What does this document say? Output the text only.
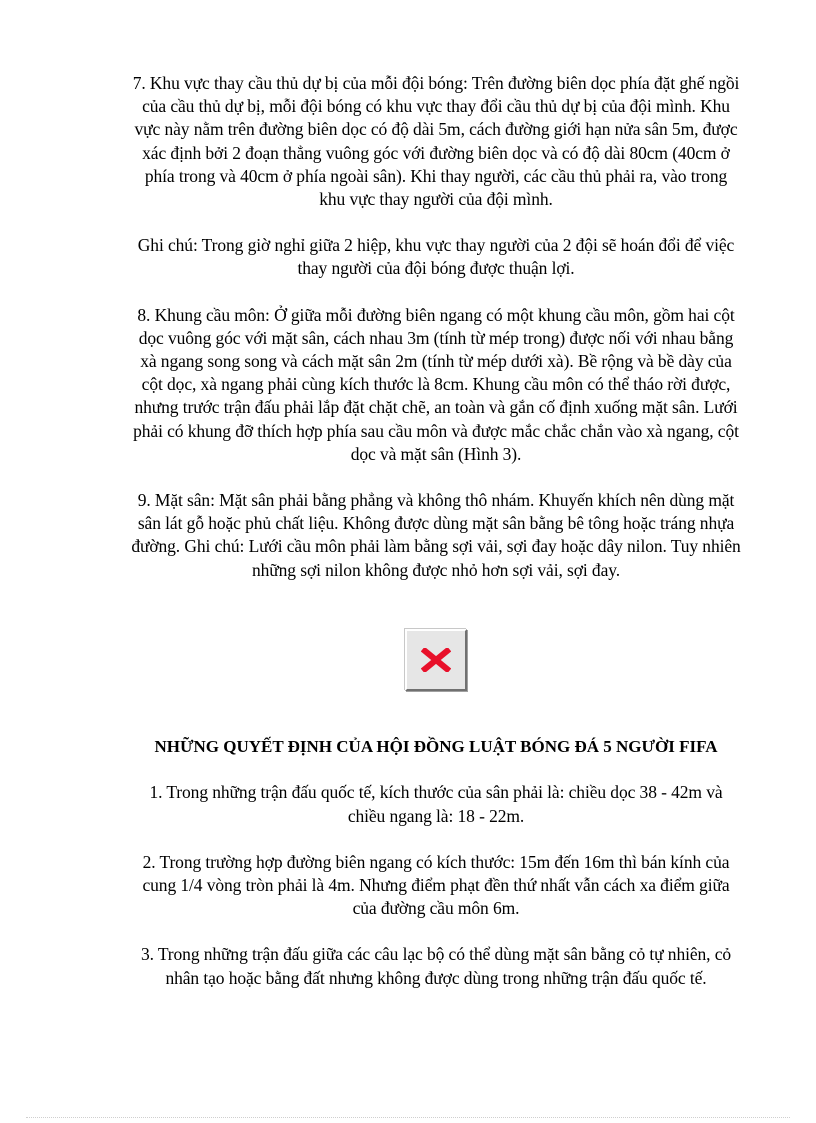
7. Khu vực thay cầu thủ dự bị của mỗi đội bóng: Trên đường biên dọc phía đặt ghế ngồi của cầu thủ dự bị, mỗi đội bóng có khu vực thay đổi cầu thủ dự bị của đội mình. Khu vực này nằm trên đường biên dọc có độ dài 5m, cách đường giới hạn nửa sân 5m, được xác định bởi 2 đoạn thẳng vuông góc với đường biên dọc và có độ dài 80cm (40cm ở phía trong và 40cm ở phía ngoài sân). Khi thay người, các cầu thủ phải ra, vào trong khu vực thay người của đội mình.

Ghi chú: Trong giờ nghỉ giữa 2 hiệp, khu vực thay người của 2 đội sẽ hoán đổi để việc thay người của đội bóng được thuận lợi.

8. Khung cầu môn: Ở giữa mỗi đường biên ngang có một khung cầu môn, gồm hai cột dọc vuông góc với mặt sân, cách nhau 3m (tính từ mép trong) được nối với nhau bằng xà ngang song song và cách mặt sân 2m (tính từ mép dưới xà). Bề rộng và bề dày của cột dọc, xà ngang phải cùng kích thước là 8cm. Khung cầu môn có thể tháo rời được, nhưng trước trận đấu phải lắp đặt chặt chẽ, an toàn và gắn cố định xuống mặt sân. Lưới phải có khung đỡ thích hợp phía sau cầu môn và được mắc chắc chắn vào xà ngang, cột dọc và mặt sân (Hình 3).

9. Mặt sân: Mặt sân phải bằng phẳng và không thô nhám. Khuyến khích nên dùng mặt sân lát gỗ hoặc phủ chất liệu. Không được dùng mặt sân bằng bê tông hoặc tráng nhựa đường. Ghi chú: Lưới cầu môn phải làm bằng sợi vải, sợi đay hoặc dây nilon. Tuy nhiên những sợi nilon không được nhỏ hơn sợi vải, sợi đay.

NHỮNG QUYẾT ĐỊNH CỦA HỘI ĐỒNG LUẬT BÓNG ĐÁ 5 NGƯỜI FIFA

1. Trong những trận đấu quốc tế, kích thước của sân phải là: chiều dọc 38 - 42m và chiều ngang là: 18 - 22m.

2. Trong trường hợp đường biên ngang có kích thước: 15m đến 16m thì bán kính của cung 1/4 vòng tròn phải là 4m. Nhưng điểm phạt đền thứ nhất vẫn cách xa điểm giữa của đường cầu môn 6m.

3. Trong những trận đấu giữa các câu lạc bộ có thể dùng mặt sân bằng cỏ tự nhiên, cỏ nhân tạo hoặc bằng đất nhưng không được dùng trong những trận đấu quốc tế.
